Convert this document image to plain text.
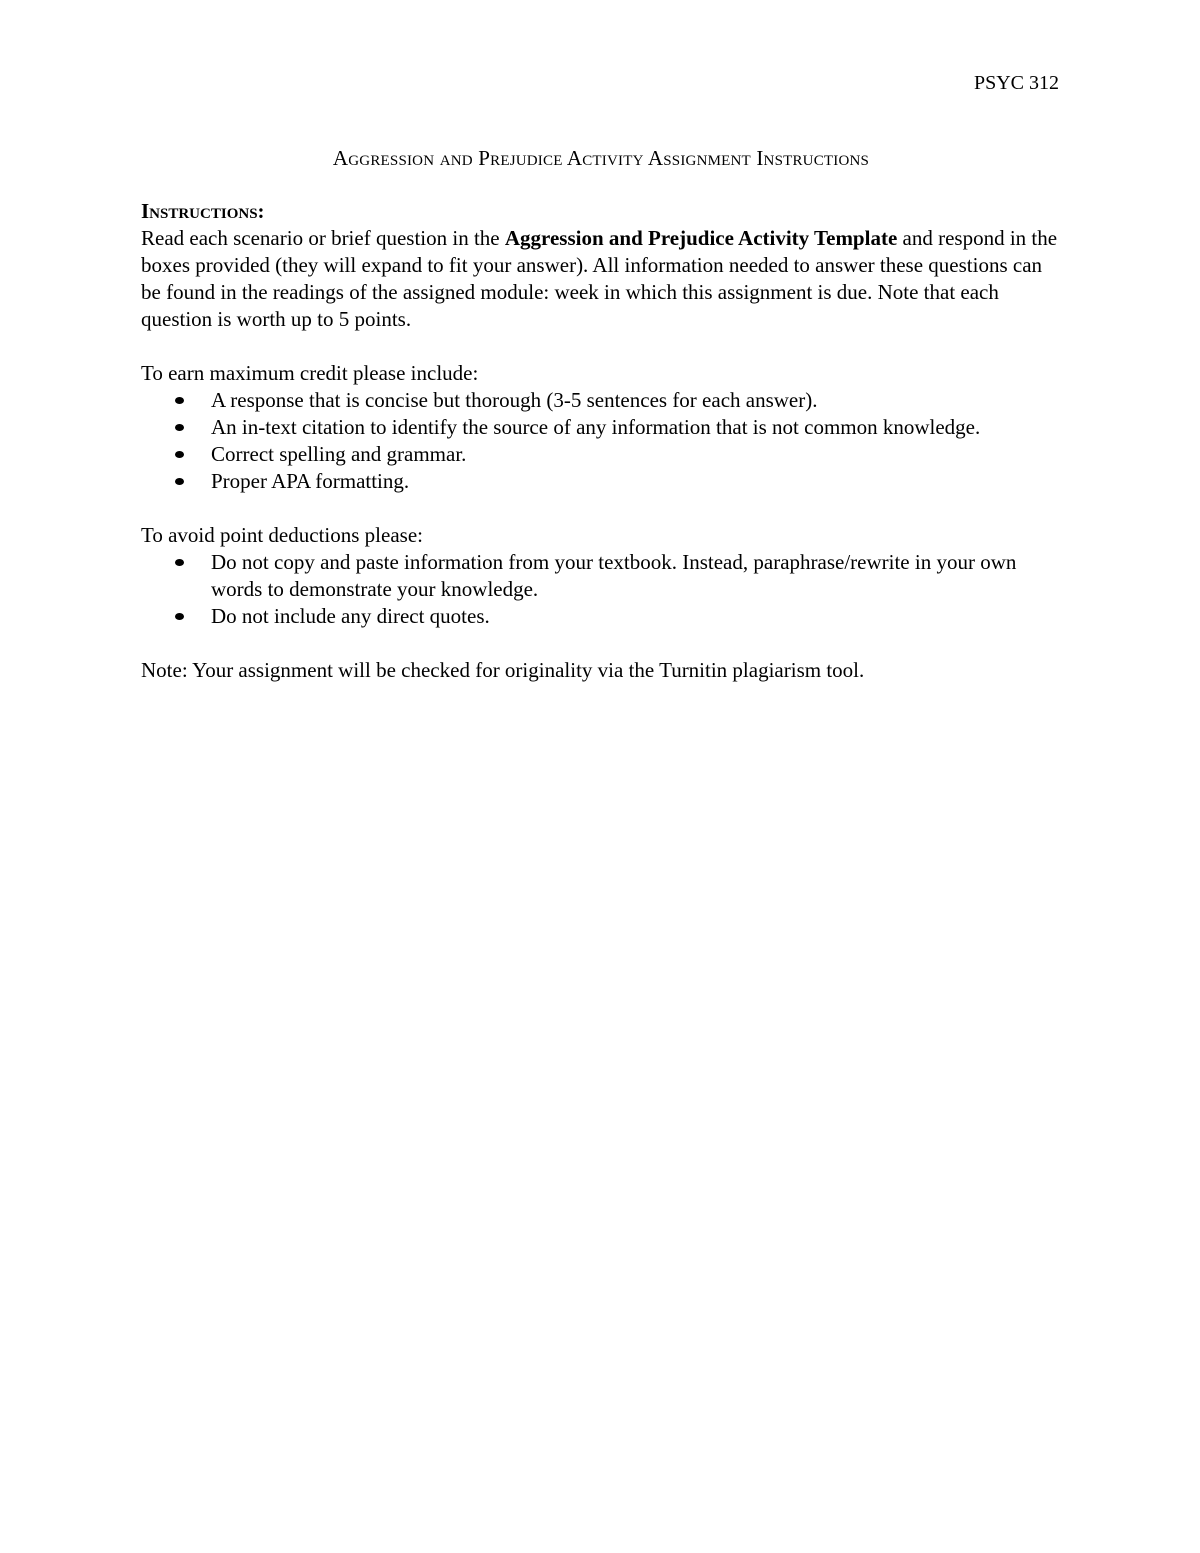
PSYC 312
Aggression and Prejudice Activity Assignment Instructions
Instructions:

Read each scenario or brief question in the Aggression and Prejudice Activity Template and respond in the boxes provided (they will expand to fit your answer). All information needed to answer these questions can be found in the readings of the assigned module: week in which this assignment is due. Note that each question is worth up to 5 points.

To earn maximum credit please include:

A response that is concise but thorough (3-5 sentences for each answer).
An in-text citation to identify the source of any information that is not common knowledge.
Correct spelling and grammar.
Proper APA formatting.

To avoid point deductions please:

Do not copy and paste information from your textbook. Instead, paraphrase/rewrite in your own words to demonstrate your knowledge.
Do not include any direct quotes.

Note: Your assignment will be checked for originality via the Turnitin plagiarism tool.
